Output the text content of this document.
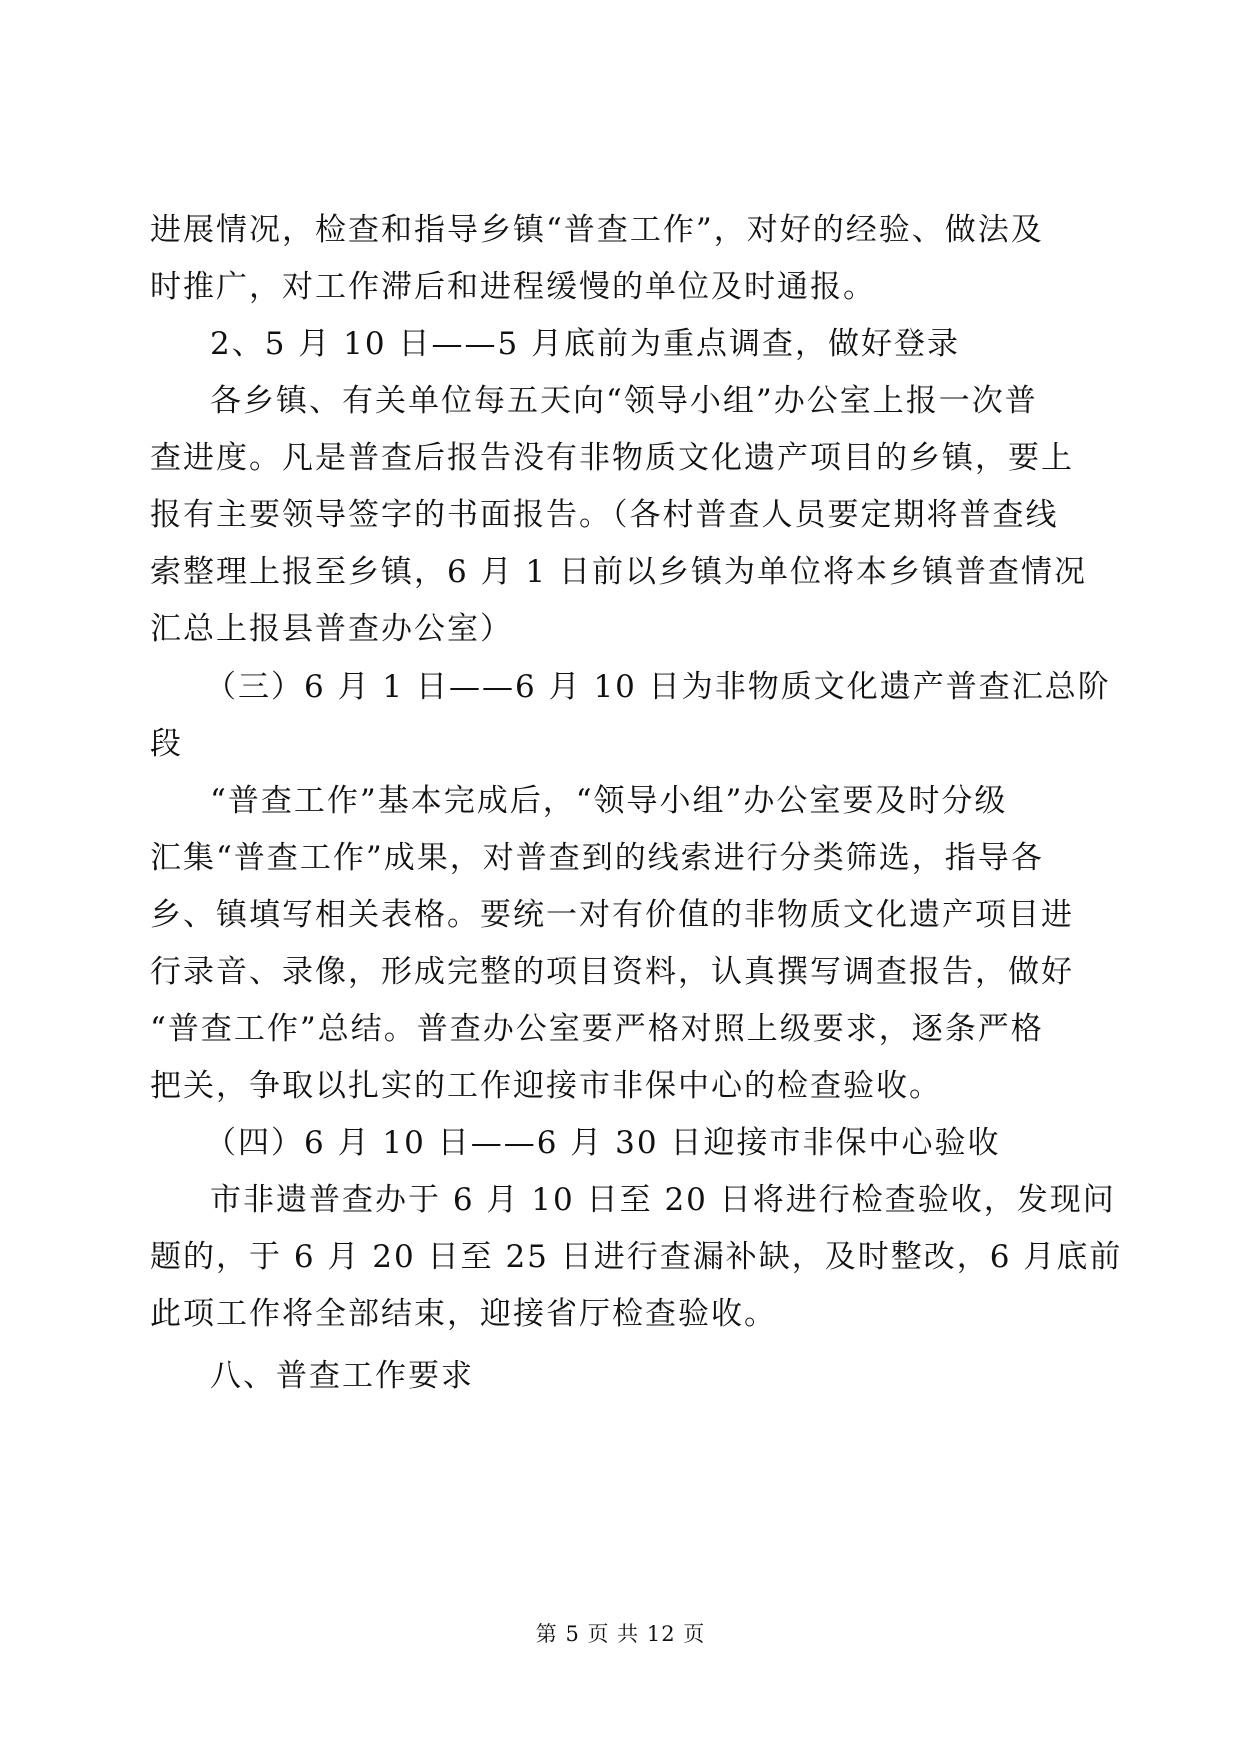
进展情况，检查和指导乡镇“普查工作”，对好的经验、做法及
时推广，对工作滞后和进程缓慢的单位及时通报。
2、5 月 10 日——5 月底前为重点调查，做好登录
各乡镇、有关单位每五天向“领导小组”办公室上报一次普
查进度。凡是普查后报告没有非物质文化遗产项目的乡镇，要上
报有主要领导签字的书面报告。（各村普查人员要定期将普查线
索整理上报至乡镇，6 月 1 日前以乡镇为单位将本乡镇普查情况
汇总上报县普查办公室）
（三）6 月 1 日——6 月 10 日为非物质文化遗产普查汇总阶
段
“普查工作”基本完成后，“领导小组”办公室要及时分级
汇集“普查工作”成果，对普查到的线索进行分类筛选，指导各
乡、镇填写相关表格。要统一对有价值的非物质文化遗产项目进
行录音、录像，形成完整的项目资料，认真撰写调查报告，做好
“普查工作”总结。普查办公室要严格对照上级要求，逐条严格
把关，争取以扎实的工作迎接市非保中心的检查验收。
（四）6 月 10 日——6 月 30 日迎接市非保中心验收
市非遗普查办于 6 月 10 日至 20 日将进行检查验收，发现问
题的，于 6 月 20 日至 25 日进行查漏补缺，及时整改，6 月底前
此项工作将全部结束，迎接省厅检查验收。
八、普查工作要求
第 5 页 共 12 页
